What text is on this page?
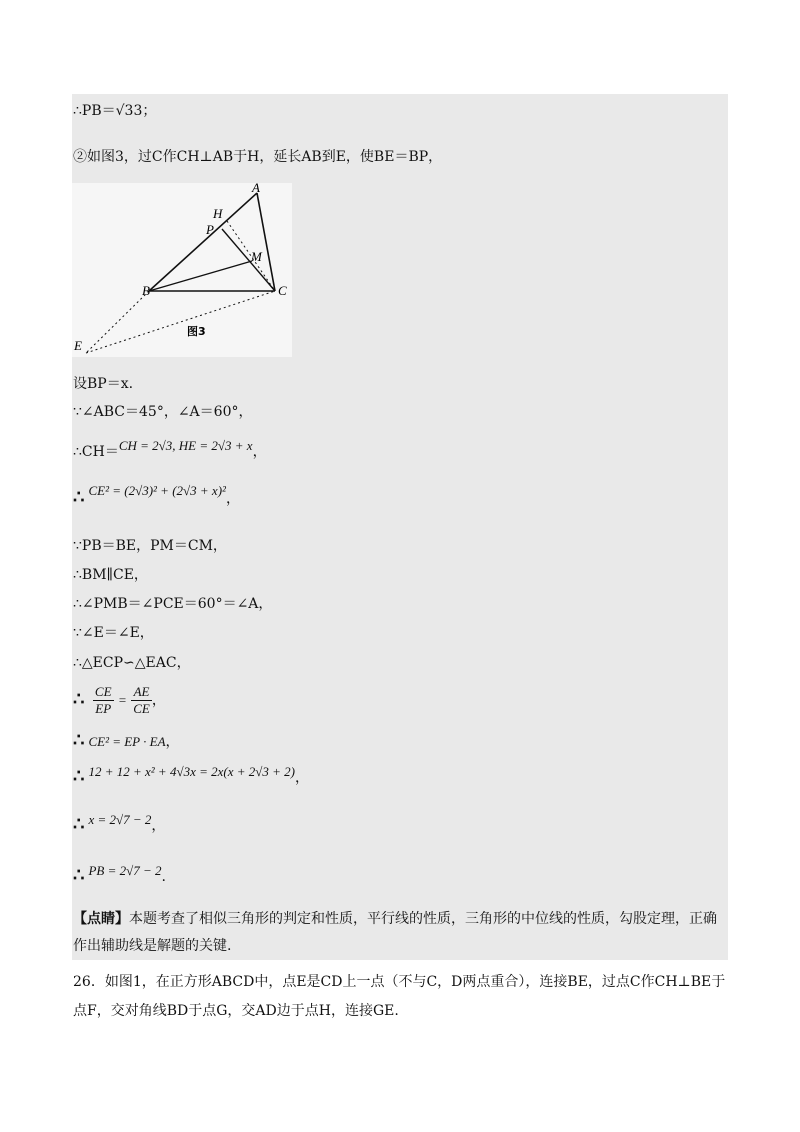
∴PB＝√33；
②如图3，过C作CH⊥AB于H，延长AB到E，使BE＝BP，
A
H
P
M
B	C
E
图3
设BP＝x.
∵∠ABC＝45°，∠A＝60°，
∴CH＝CH = 2√3, HE = 2√3 + x，
∴ CE² = (2√3)² + (2√3 + x)²，
∵PB＝BE，PM＝CM，
∴BM∥CE，
∴∠PMB＝∠PCE＝60°＝∠A，
∵∠E＝∠E，
∴△ECP∽△EAC，
∴ $\frac{CE}{EP} = \frac{AE}{CE}$ ，
∴ CE² = EP · EA，
∴ 12 + 12 + x² + 4√3x = 2x(x + 2√3 + 2)，
∴ x = 2√7 − 2，
∴ PB = 2√7 − 2.
【点睛】本题考查了相似三角形的判定和性质，平行线的性质，三角形的中位线的性质，勾股定理，正确作出辅助线是解题的关键.
26．如图1，在正方形ABCD中，点E是CD上一点（不与C，D两点重合），连接BE，过点C作CH⊥BE于点F，交对角线BD于点G，交AD边于点H，连接GE.
